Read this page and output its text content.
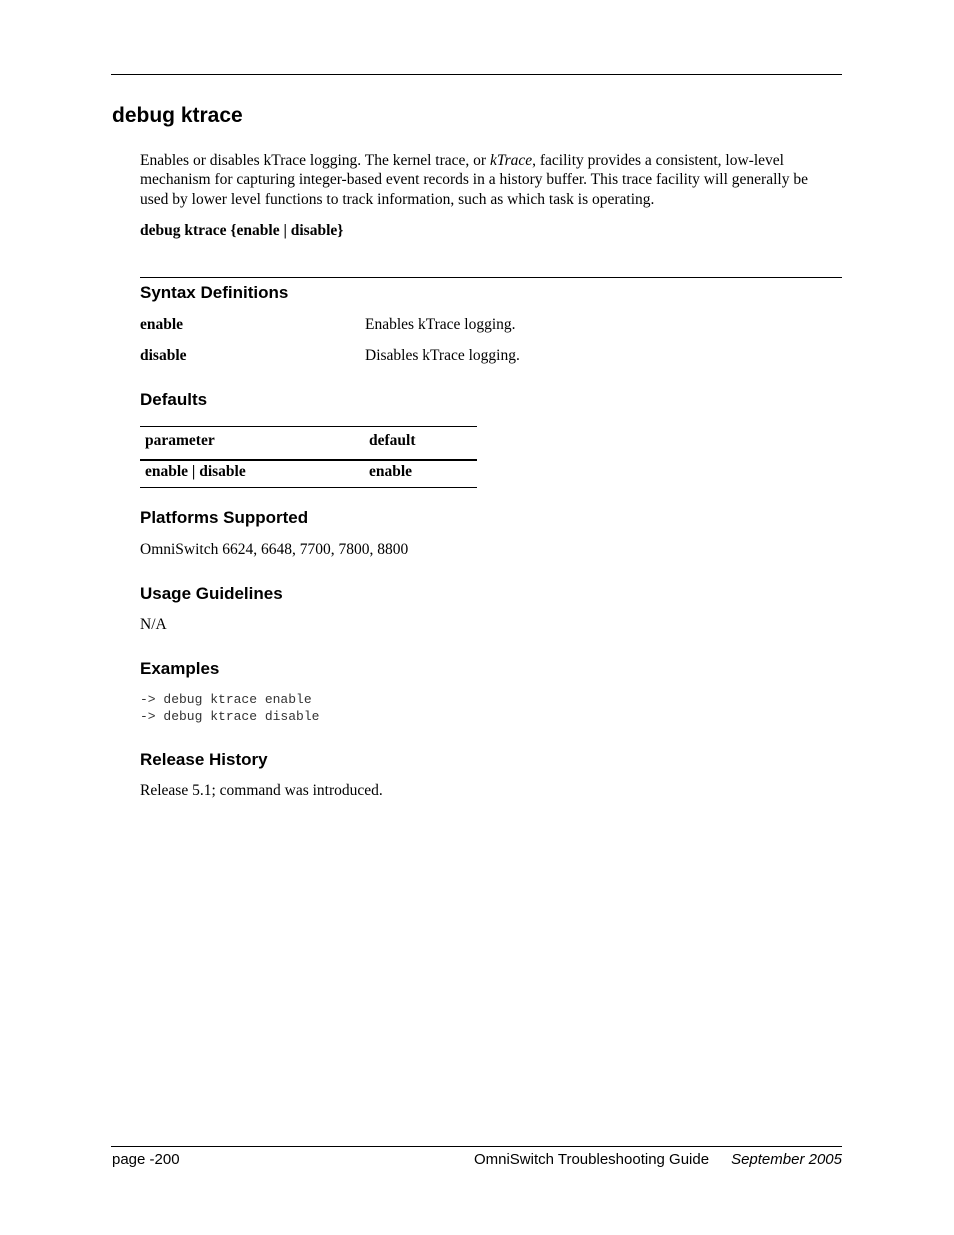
debug ktrace

Enables or disables kTrace logging. The kernel trace, or kTrace, facility provides a consistent, low-level mechanism for capturing integer-based event records in a history buffer. This trace facility will generally be used by lower level functions to track information, such as which task is operating.

debug ktrace {enable | disable}
Syntax Definitions
enable	Enables kTrace logging.
disable	Disables kTrace logging.
Defaults
parameter	default
enable | disable	enable
Platforms Supported
OmniSwitch 6624, 6648, 7700, 7800, 8800
Usage Guidelines
N/A
Examples
-> debug ktrace enable
-> debug ktrace disable
Release History
Release 5.1; command was introduced.
page -200	OmniSwitch Troubleshooting Guide September 2005
